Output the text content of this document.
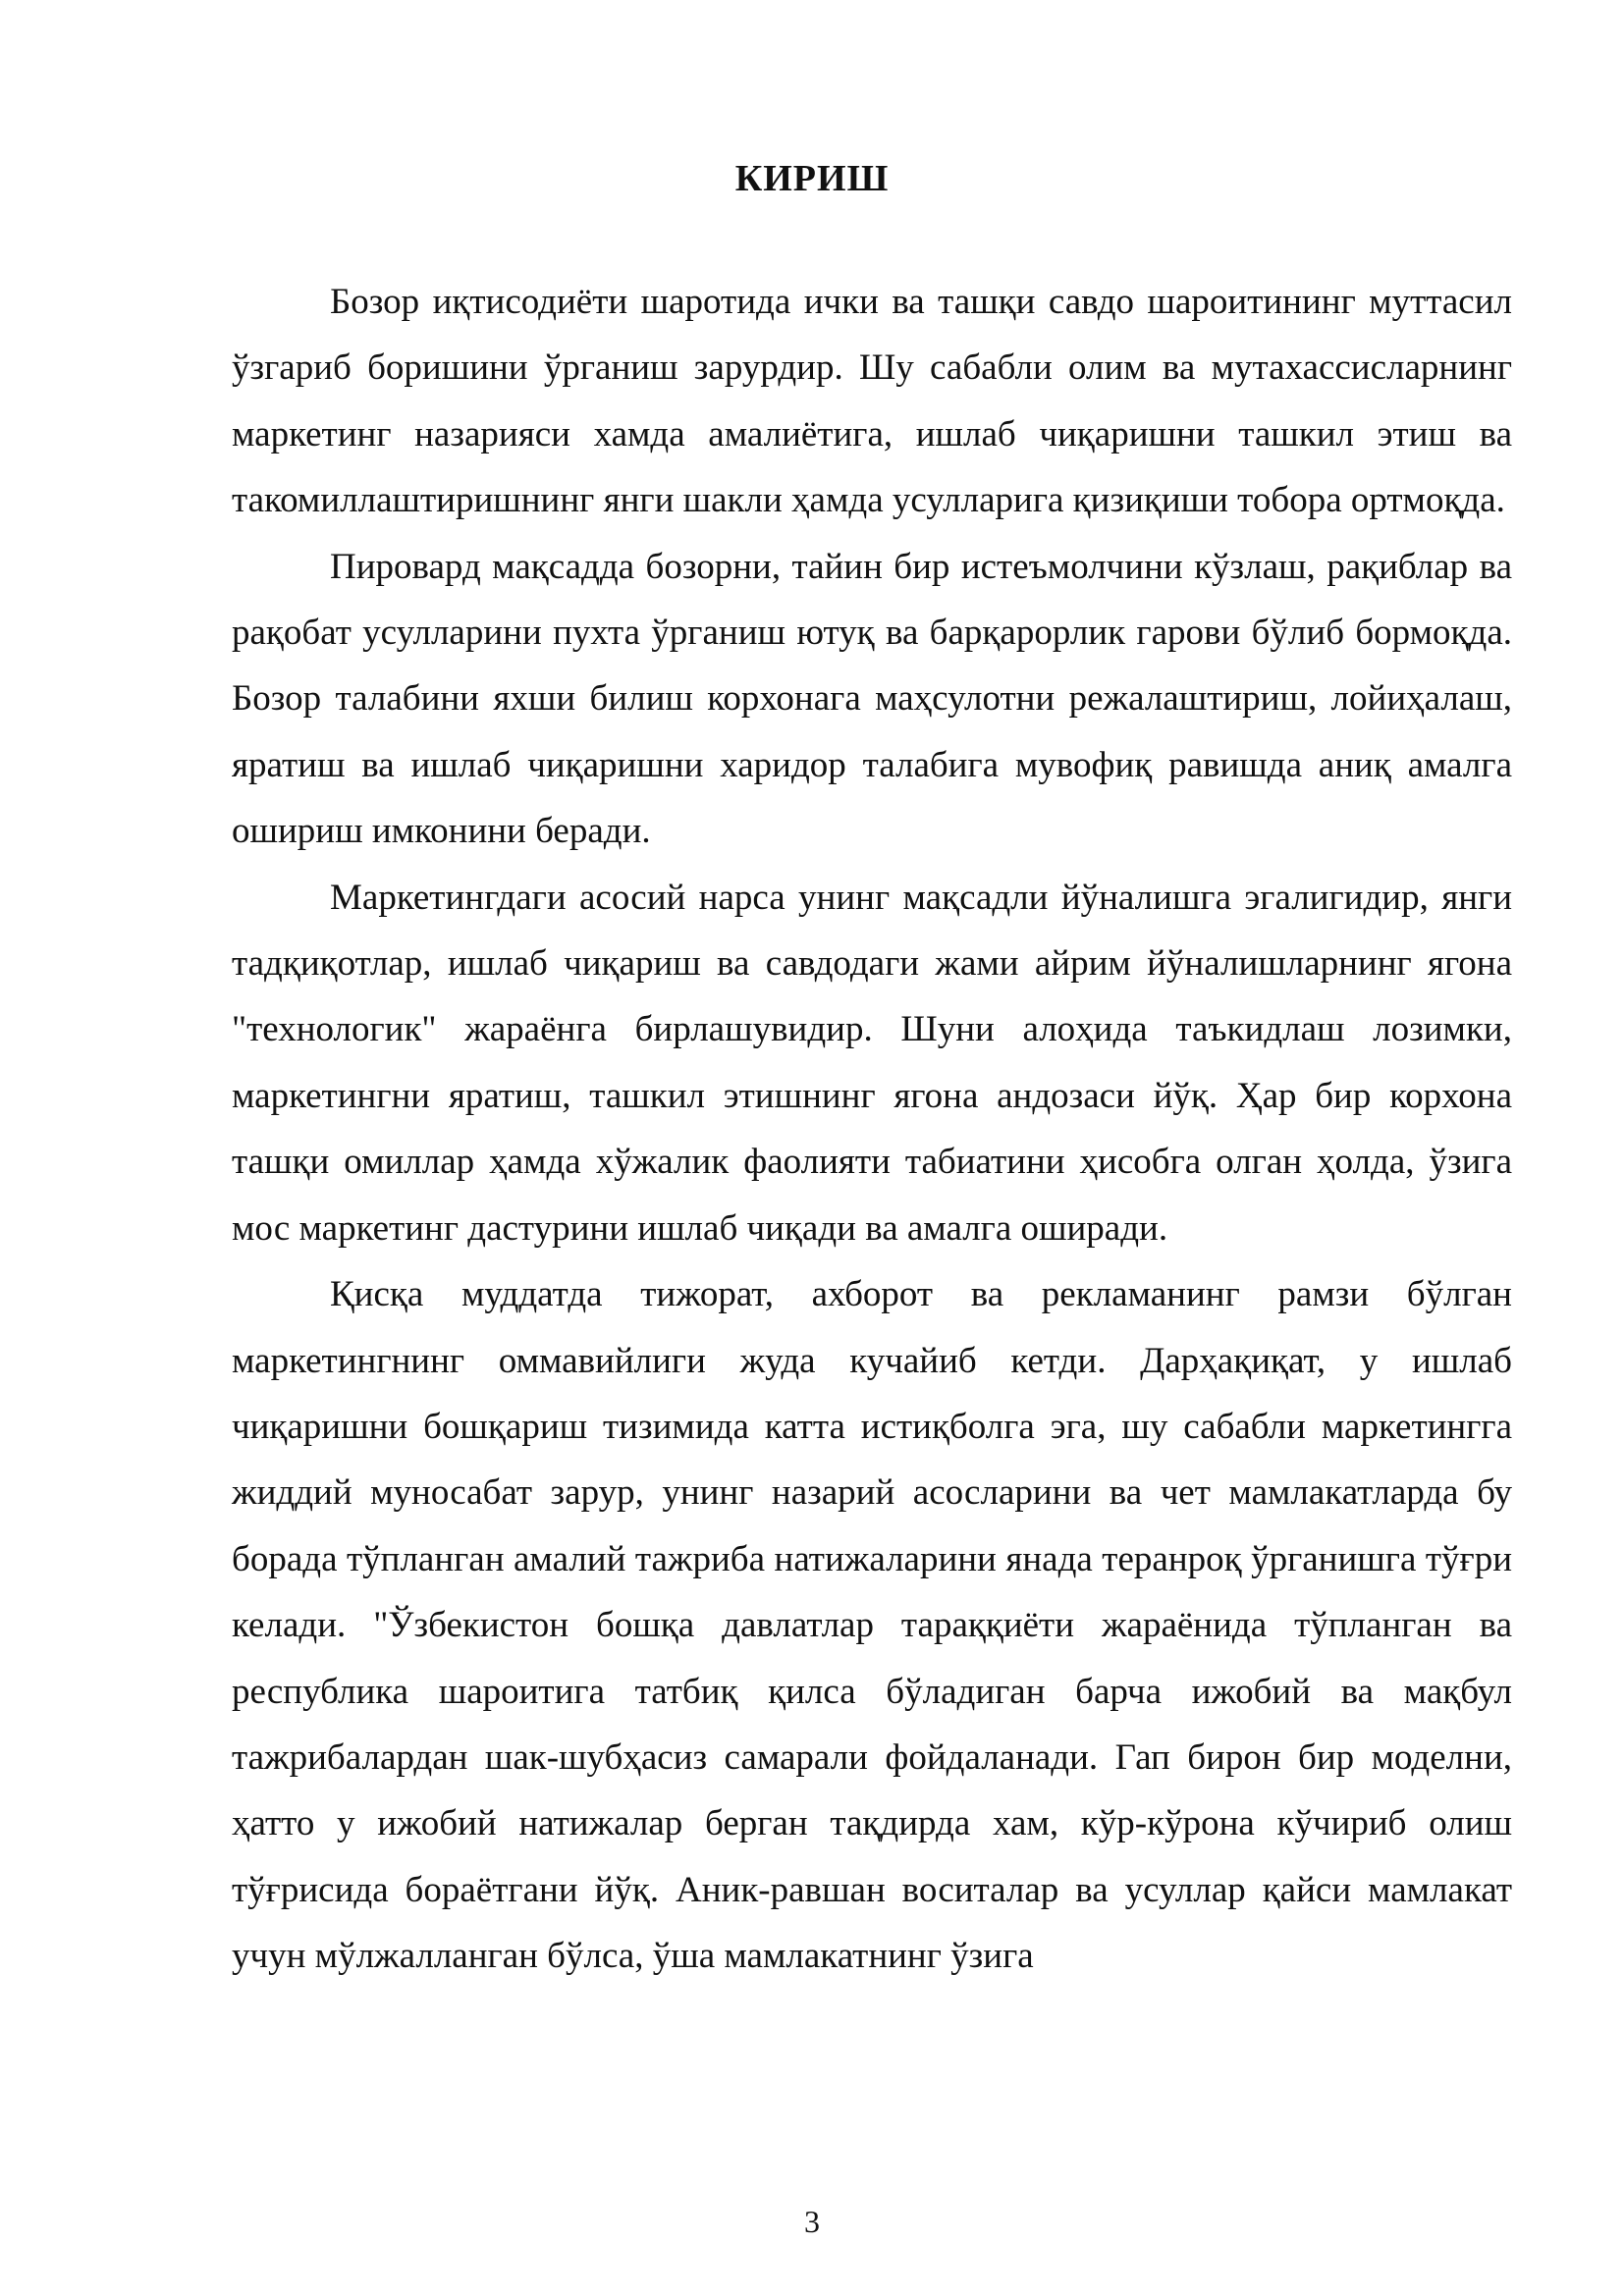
КИРИШ

Бозор иқтисодиёти шаротида ички ва ташқи савдо шароитининг муттасил ўзгариб боришини ўрганиш зарурдир. Шу сабабли олим ва мутахассисларнинг маркетинг назарияси хамда амалиётига, ишлаб чиқаришни ташкил этиш ва такомиллаштиришнинг янги шакли ҳамда усулларига қизиқиши тобора ортмоқда.

Пировард мақсадда бозорни, тайин бир истеъмолчини кўзлаш, рақиблар ва рақобат усулларини пухта ўрганиш ютуқ ва барқарорлик гарови бўлиб бормоқда. Бозор талабини яхши билиш корхонага маҳсулотни режалаштириш, лойиҳалаш, яратиш ва ишлаб чиқаришни харидор талабига мувофиқ равишда аниқ амалга ошириш имконини беради.

Маркетингдаги асосий нарса унинг мақсадли йўналишга эгалигидир, янги тадқиқотлар, ишлаб чиқариш ва савдодаги жами айрим йўналишларнинг ягона "технологик" жараёнга бирлашувидир. Шуни алоҳида таъкидлаш лозимки, маркетингни яратиш, ташкил этишнинг ягона андозаси йўқ. Ҳар бир корхона ташқи омиллар ҳамда хўжалик фаолияти табиатини ҳисобга олган ҳолда, ўзига мос маркетинг дастурини ишлаб чиқади ва амалга оширади.

Қисқа муддатда тижорат, ахборот ва рекламанинг рамзи бўлган маркетингнинг оммавийлиги жуда кучайиб кетди. Дарҳақиқат, у ишлаб чиқаришни бошқариш тизимида катта истиқболга эга, шу сабабли маркетингга жиддий муносабат зарур, унинг назарий асосларини ва чет мамлакатларда бу борада тўпланган амалий тажриба натижаларини янада теранроқ ўрганишга тўғри келади. "Ўзбекистон бошқа давлатлар тараққиёти жараёнида тўпланган ва республика шароитига татбиқ қилса бўладиган барча ижобий ва мақбул тажрибалардан шак-шубҳасиз самарали фойдаланади. Гап бирон бир моделни, ҳатто у ижобий натижалар берган тақдирда хам, кўр-кўрона кўчириб олиш тўғрисида бораётгани йўқ. Аник-равшан воситалар ва усуллар қайси мамлакат учун мўлжалланган бўлса, ўша мамлакатнинг ўзига

3
